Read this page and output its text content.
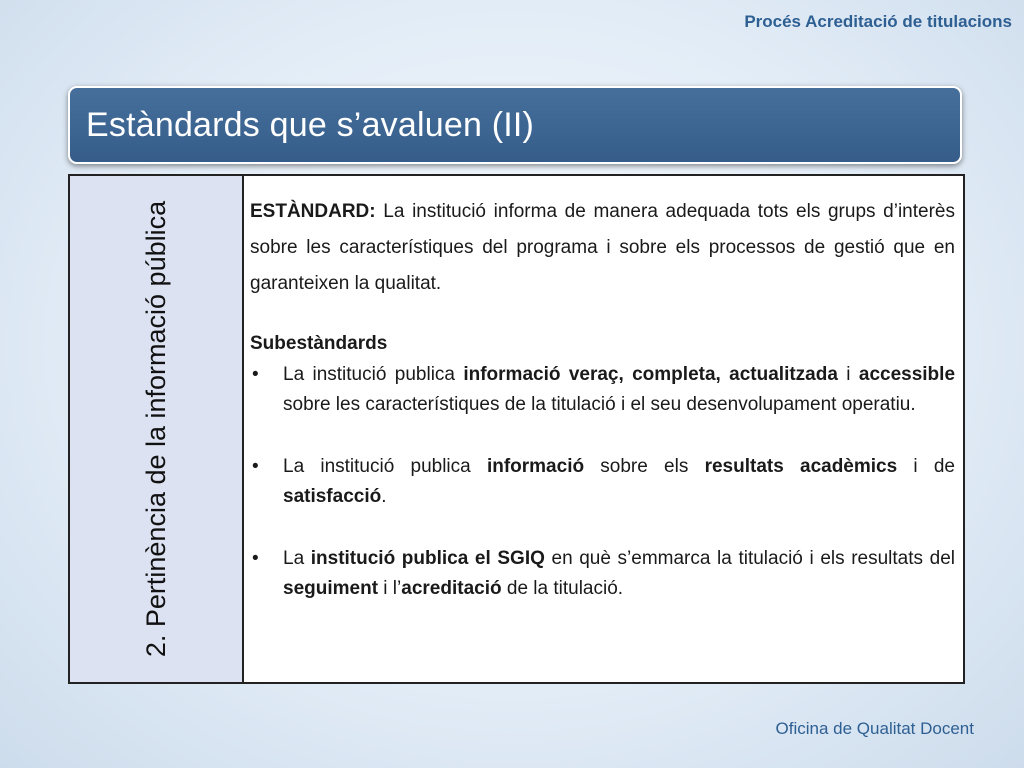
Procés Acreditació de titulacions
Estàndards que s’avaluen (II)
2. Pertinència de la informació pública	ESTÀNDARD: La institució informa de manera adequada tots els grups d’interès sobre les característiques del programa i sobre els processos de gestió que en garanteixen la qualitat.

Subestàndards
•	La institució publica informació veraç, completa, actualitzada i accessible sobre les característiques de la titulació i el seu desenvolupament operatiu.
•	La institució publica informació sobre els resultats acadèmics i de satisfacció.
•	La institució publica el SGIQ en què s’emmarca la titulació i els resultats del seguiment i l’acreditació de la titulació.
Oficina de Qualitat Docent
